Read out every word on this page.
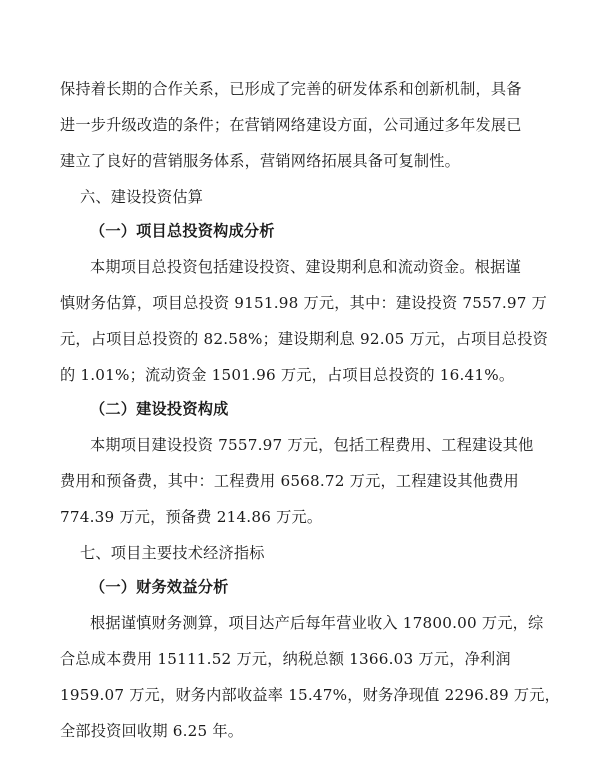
保持着长期的合作关系，已形成了完善的研发体系和创新机制，具备
进一步升级改造的条件；在营销网络建设方面，公司通过多年发展已
建立了良好的营销服务体系，营销网络拓展具备可复制性。
六、建设投资估算
（一）项目总投资构成分析
本期项目总投资包括建设投资、建设期利息和流动资金。根据谨
慎财务估算，项目总投资 9151.98 万元，其中：建设投资 7557.97 万
元，占项目总投资的 82.58%；建设期利息 92.05 万元，占项目总投资
的 1.01%；流动资金 1501.96 万元，占项目总投资的 16.41%。
（二）建设投资构成
本期项目建设投资 7557.97 万元，包括工程费用、工程建设其他
费用和预备费，其中：工程费用 6568.72 万元，工程建设其他费用
774.39 万元，预备费 214.86 万元。
七、项目主要技术经济指标
（一）财务效益分析
根据谨慎财务测算，项目达产后每年营业收入 17800.00 万元，综
合总成本费用 15111.52 万元，纳税总额 1366.03 万元，净利润
1959.07 万元，财务内部收益率 15.47%，财务净现值 2296.89 万元，
全部投资回收期 6.25 年。
